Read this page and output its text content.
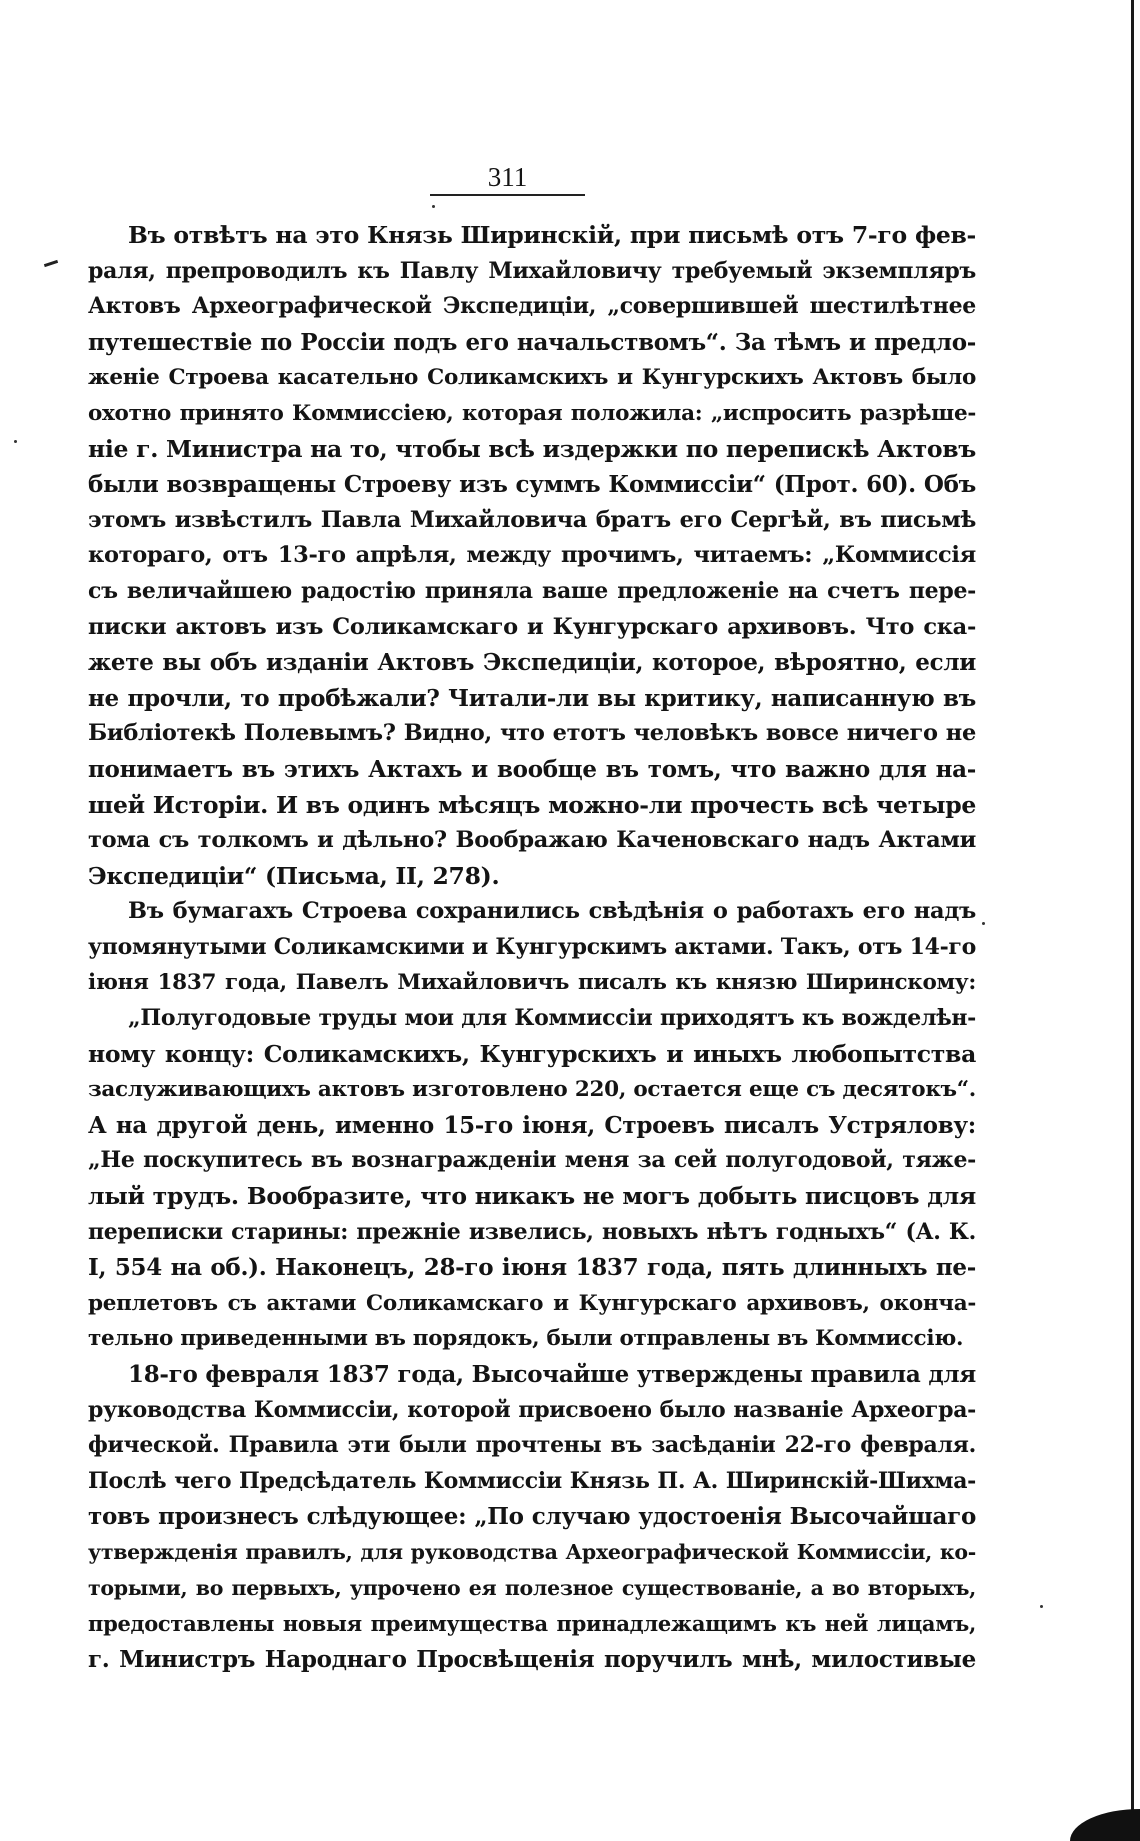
311
Въ отвѣтъ на это Князь Ширинскій, при письмѣ отъ 7-го фев-
раля, препроводилъ къ Павлу Михайловичу требуемый экземпляръ
Актовъ Археографической Экспедиціи, „совершившей шестилѣтнее
путешествіе по Россіи подъ его начальствомъ“. За тѣмъ и предло-
женіе Строева касательно Соликамскихъ и Кунгурскихъ Актовъ было
охотно принято Коммиссіею, которая положила: „испросить разрѣше-
ніе г. Министра на то, чтобы всѣ издержки по перепискѣ Актовъ
были возвращены Строеву изъ суммъ Коммиссіи“ (Прот. 60). Объ
этомъ извѣстилъ Павла Михайловича братъ его Сергѣй, въ письмѣ
котораго, отъ 13-го апрѣля, между прочимъ, читаемъ: „Коммиссія
съ величайшею радостію приняла ваше предложеніе на счетъ пере-
писки актовъ изъ Соликамскаго и Кунгурскаго архивовъ. Что ска-
жете вы объ изданіи Актовъ Экспедиціи, которое, вѣроятно, если
не прочли, то пробѣжали? Читали-ли вы критику, написанную въ
Библіотекѣ Полевымъ? Видно, что етотъ человѣкъ вовсе ничего не
понимаетъ въ этихъ Актахъ и вообще въ томъ, что важно для на-
шей Исторіи. И въ одинъ мѣсяцъ можно-ли прочесть всѣ четыре
тома съ толкомъ и дѣльно? Воображаю Каченовскаго надъ Актами
Экспедиціи“ (Письма, II, 278).
Въ бумагахъ Строева сохранились свѣдѣнія о работахъ его надъ
упомянутыми Соликамскими и Кунгурскимъ актами. Такъ, отъ 14-го
іюня 1837 года, Павелъ Михайловичъ писалъ къ князю Ширинскому:
„Полугодовые труды мои для Коммиссіи приходятъ къ вожделѣн-
ному концу: Соликамскихъ, Кунгурскихъ и иныхъ любопытства
заслуживающихъ актовъ изготовлено 220, остается еще съ десятокъ“.
А на другой день, именно 15-го іюня, Строевъ писалъ Устрялову:
„Не поскупитесь въ вознагражденіи меня за сей полугодовой, тяже-
лый трудъ. Вообразите, что никакъ не могъ добыть писцовъ для
переписки старины: прежніе извелись, новыхъ нѣтъ годныхъ“ (А. К.
I, 554 на об.). Наконецъ, 28-го іюня 1837 года, пять длинныхъ пе-
реплетовъ съ актами Соликамскаго и Кунгурскаго архивовъ, оконча-
тельно приведенными въ порядокъ, были отправлены въ Коммиссію.
18-го февраля 1837 года, Высочайше утверждены правила для
руководства Коммиссіи, которой присвоено было названіе Археогра-
фической. Правила эти были прочтены въ засѣданіи 22-го февраля.
Послѣ чего Предсѣдатель Коммиссіи Князь П. А. Ширинскій-Шихма-
товъ произнесъ слѣдующее: „По случаю удостоенія Высочайшаго
утвержденія правилъ, для руководства Археографической Коммиссіи, ко-
торыми, во первыхъ, упрочено ея полезное существованіе, а во вторыхъ,
предоставлены новыя преимущества принадлежащимъ къ ней лицамъ,
г. Министръ Народнаго Просвѣщенія поручилъ мнѣ, милостивые
